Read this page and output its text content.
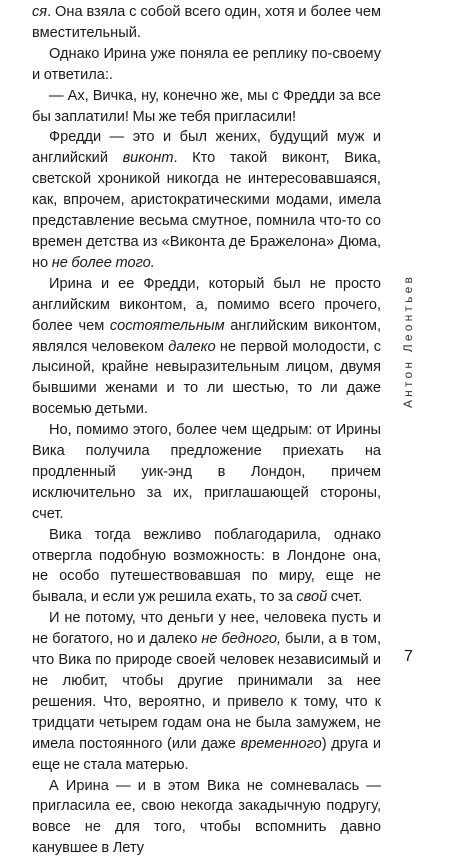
ся. Она взяла с собой всего один, хотя и более чем вместительный.

Однако Ирина уже поняла ее реплику по-своему и ответила:.

— Ах, Вичка, ну, конечно же, мы с Фредди за все бы заплатили! Мы же тебя пригласили!

Фредди — это и был жених, будущий муж и английский виконт. Кто такой виконт, Вика, светской хроникой никогда не интересовавшаяся, как, впрочем, аристократическими модами, имела представление весьма смутное, помнила что-то со времен детства из «Виконта де Бражелона» Дюма, но не более того.

Ирина и ее Фредди, который был не просто английским виконтом, а, помимо всего прочего, более чем состоятельным английским виконтом, являлся человеком далеко не первой молодости, с лысиной, крайне невыразительным лицом, двумя бывшими женами и то ли шестью, то ли даже восемью детьми.

Но, помимо этого, более чем щедрым: от Ирины Вика получила предложение приехать на продленный уик-энд в Лондон, причем исключительно за их, приглашающей стороны, счет.

Вика тогда вежливо поблагодарила, однако отвергла подобную возможность: в Лондоне она, не особо путешествовавшая по миру, еще не бывала, и если уж решила ехать, то за свой счет.

И не потому, что деньги у нее, человека пусть и не богатого, но и далеко не бедного, были, а в том, что Вика по природе своей человек независимый и не любит, чтобы другие принимали за нее решения. Что, вероятно, и привело к тому, что к тридцати четырем годам она не была замужем, не имела постоянного (или даже временного) друга и еще не стала матерью.

А Ирина — и в этом Вика не сомневалась — пригласила ее, свою некогда закадычную подругу, вовсе не для того, чтобы вспомнить давно канувшее в Лету

Антон Леонтьев
7
